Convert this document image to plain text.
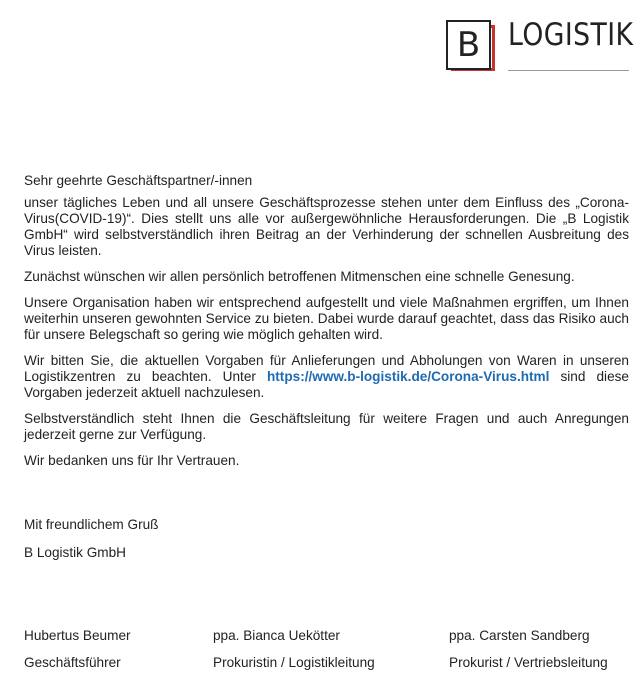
B LOGISTIK

Sehr geehrte Geschäftspartner/-innen

unser tägliches Leben und all unsere Geschäftsprozesse stehen unter dem Einfluss des „Corona-Virus(COVID-19)“. Dies stellt uns alle vor außergewöhnliche Herausforderungen. Die „B Logistik GmbH“ wird selbstverständlich ihren Beitrag an der Verhinderung der schnellen Ausbreitung des Virus leisten.

Zunächst wünschen wir allen persönlich betroffenen Mitmenschen eine schnelle Genesung.

Unsere Organisation haben wir entsprechend aufgestellt und viele Maßnahmen ergriffen, um Ihnen weiterhin unseren gewohnten Service zu bieten. Dabei wurde darauf geachtet, dass das Risiko auch für unsere Belegschaft so gering wie möglich gehalten wird.

Wir bitten Sie, die aktuellen Vorgaben für Anlieferungen und Abholungen von Waren in unseren Logistikzentren zu beachten. Unter https://www.b-logistik.de/Corona-Virus.html sind diese Vorgaben jederzeit aktuell nachzulesen.

Selbstverständlich steht Ihnen die Geschäftsleitung für weitere Fragen und auch Anregungen jederzeit gerne zur Verfügung.

Wir bedanken uns für Ihr Vertrauen.

Mit freundlichem Gruß
B Logistik GmbH
Hubertus Beumer
Geschäftsführer
ppa. Bianca Uekötter
Prokuristin / Logistikleitung
ppa. Carsten Sandberg
Prokurist / Vertriebsleitung
